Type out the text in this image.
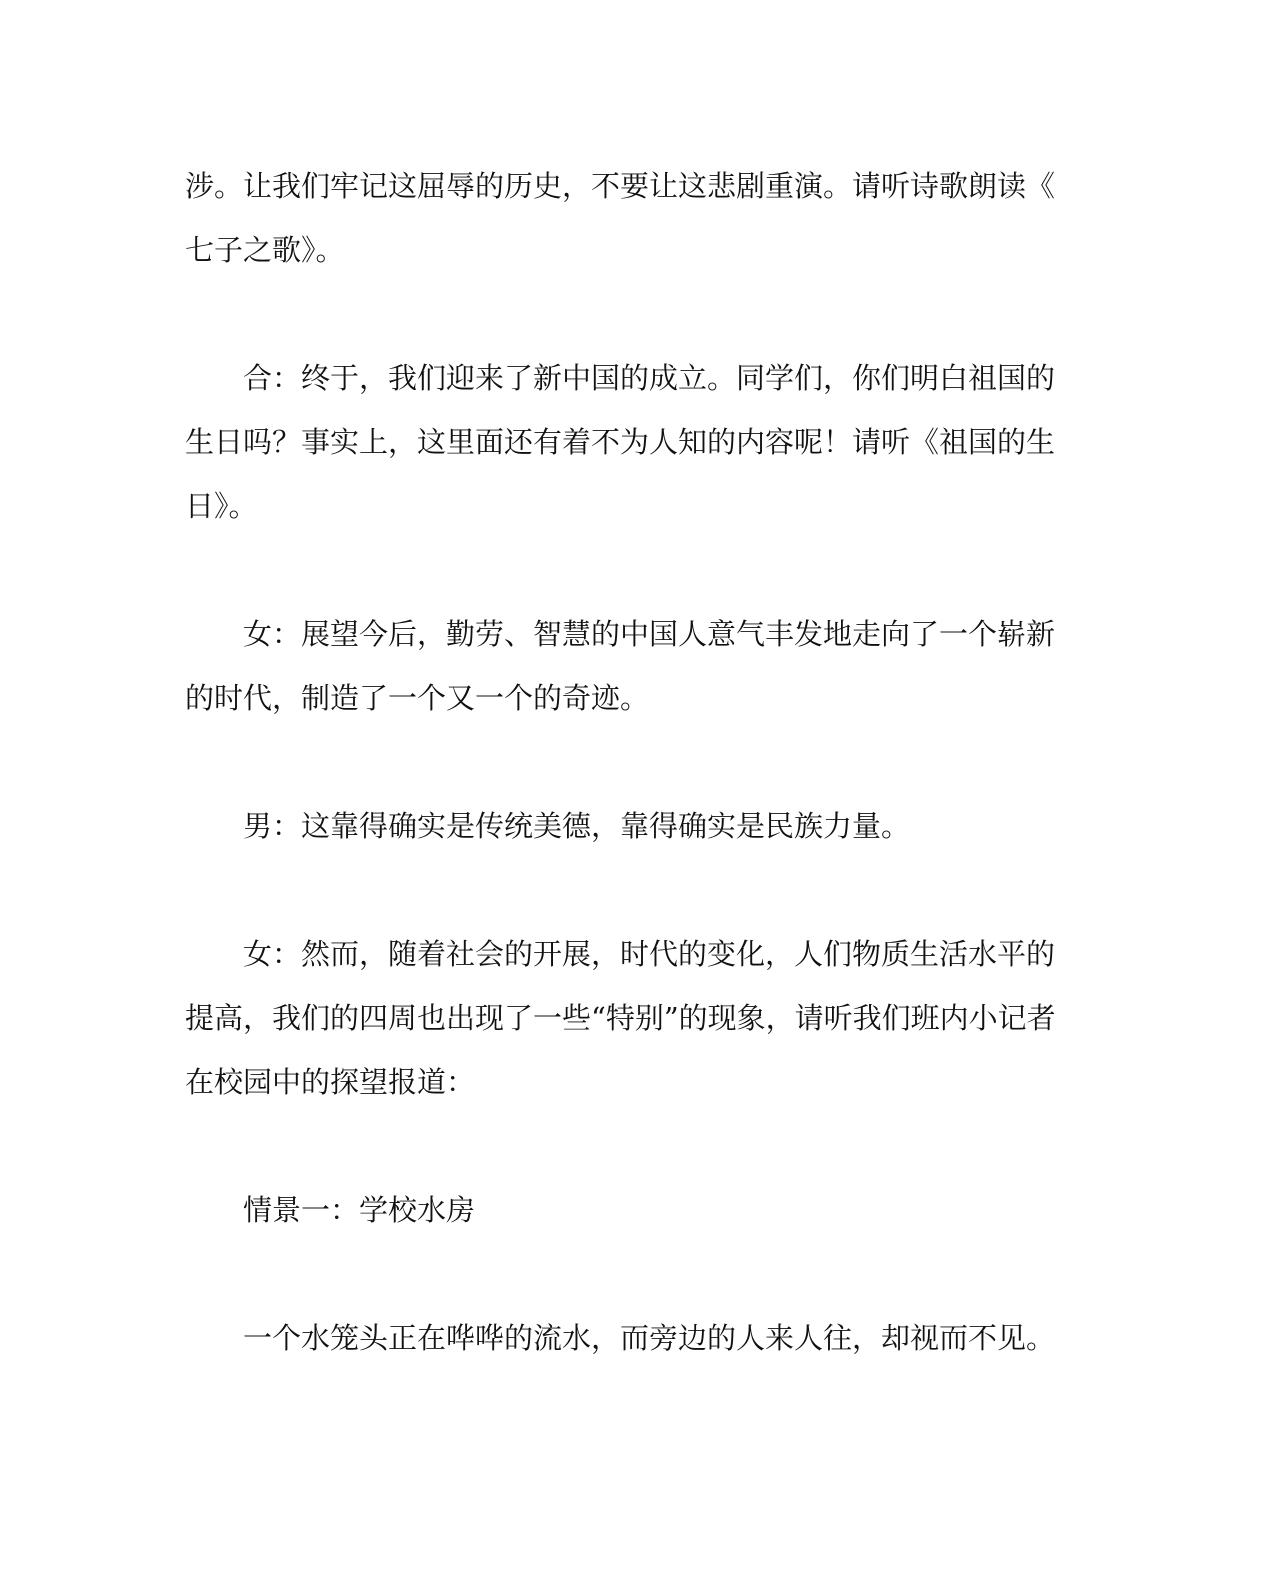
涉。让我们牢记这屈辱的历史，不要让这悲剧重演。请听诗歌朗读《
七子之歌》。
合：终于，我们迎来了新中国的成立。同学们，你们明白祖国的
生日吗？事实上，这里面还有着不为人知的内容呢！请听《祖国的生
日》。
女：展望今后，勤劳、智慧的中国人意气丰发地走向了一个崭新
的时代，制造了一个又一个的奇迹。
男：这靠得确实是传统美德，靠得确实是民族力量。
女：然而，随着社会的开展，时代的变化，人们物质生活水平的
提高，我们的四周也出现了一些“特别”的现象，请听我们班内小记者
在校园中的探望报道：
情景一：学校水房
一个水笼头正在哗哗的流水，而旁边的人来人往，却视而不见。
